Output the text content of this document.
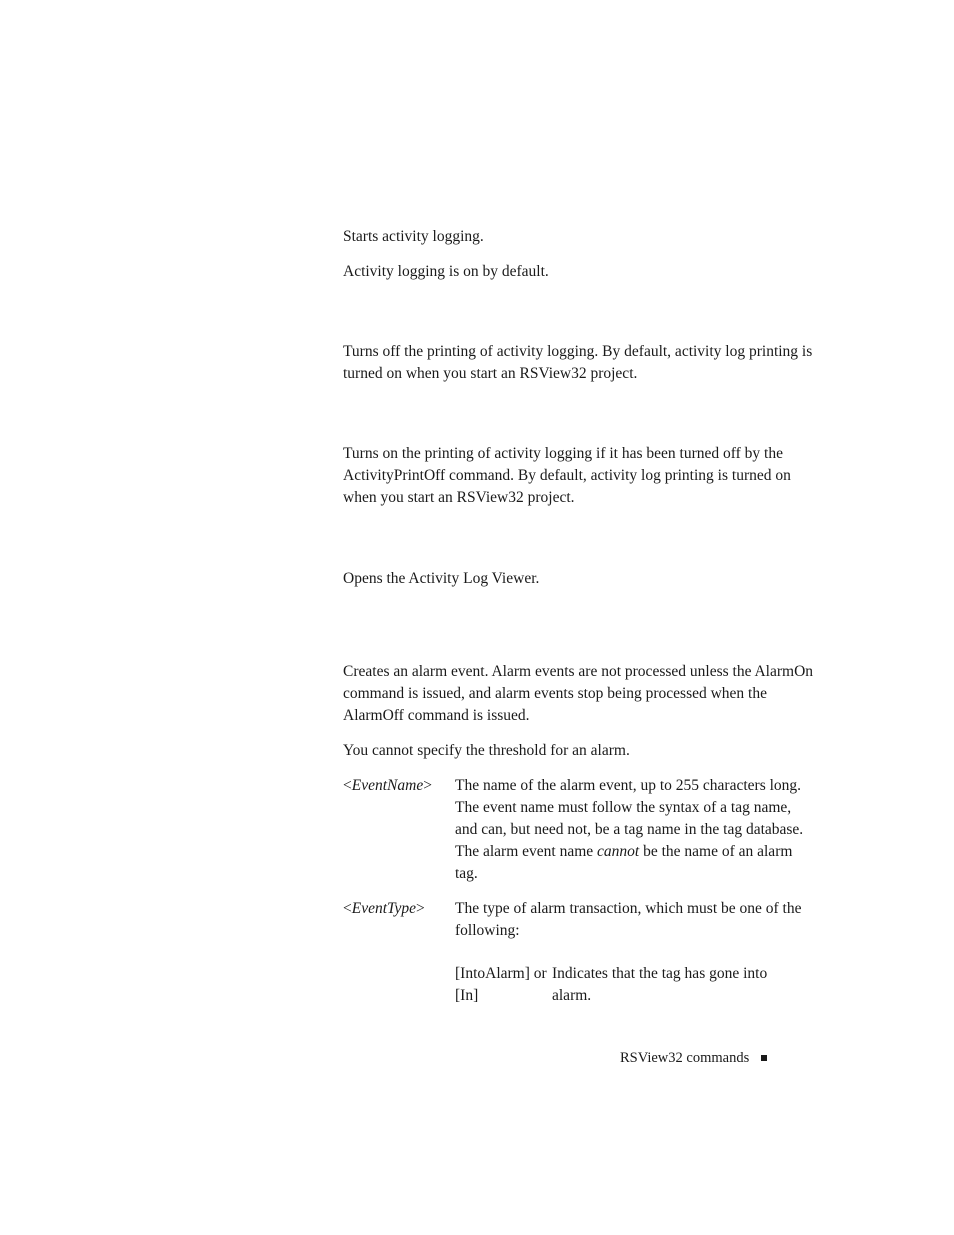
Starts activity logging.

Activity logging is on by default.

Turns off the printing of activity logging. By default, activity log printing is turned on when you start an RSView32 project.

Turns on the printing of activity logging if it has been turned off by the ActivityPrintOff command. By default, activity log printing is turned on when you start an RSView32 project.

Opens the Activity Log Viewer.

Creates an alarm event. Alarm events are not processed unless the AlarmOn command is issued, and alarm events stop being processed when the AlarmOff command is issued.

You cannot specify the threshold for an alarm.

<EventName>	The name of the alarm event, up to 255 characters long. The event name must follow the syntax of a tag name, and can, but need not, be a tag name in the tag database. The alarm event name cannot be the name of an alarm tag.

<EventType>	The type of alarm transaction, which must be one of the following:

[IntoAlarm] or [In]

Indicates that the tag has gone into alarm.

RSView32 commands
